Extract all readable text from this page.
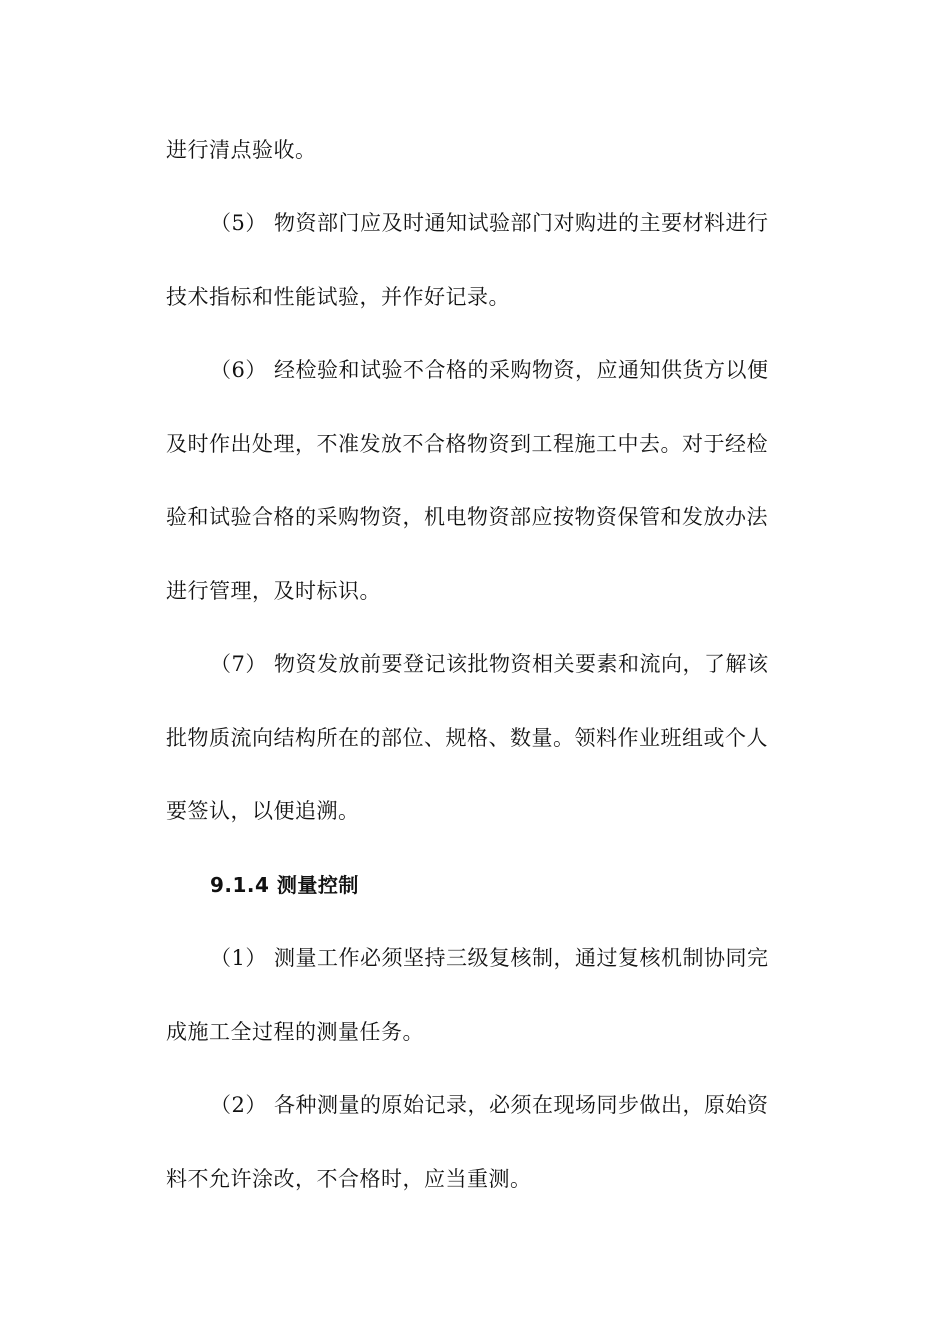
进行清点验收。
（5） 物资部门应及时通知试验部门对购进的主要材料进行
技术指标和性能试验，并作好记录。
（6） 经检验和试验不合格的采购物资，应通知供货方以便
及时作出处理，不准发放不合格物资到工程施工中去。对于经检
验和试验合格的采购物资，机电物资部应按物资保管和发放办法
进行管理，及时标识。
（7） 物资发放前要登记该批物资相关要素和流向，了解该
批物质流向结构所在的部位、规格、数量。领料作业班组或个人
要签认，以便追溯。
9.1.4 测量控制
（1） 测量工作必须坚持三级复核制，通过复核机制协同完
成施工全过程的测量任务。
（2） 各种测量的原始记录，必须在现场同步做出，原始资
料不允许涂改，不合格时，应当重测。
